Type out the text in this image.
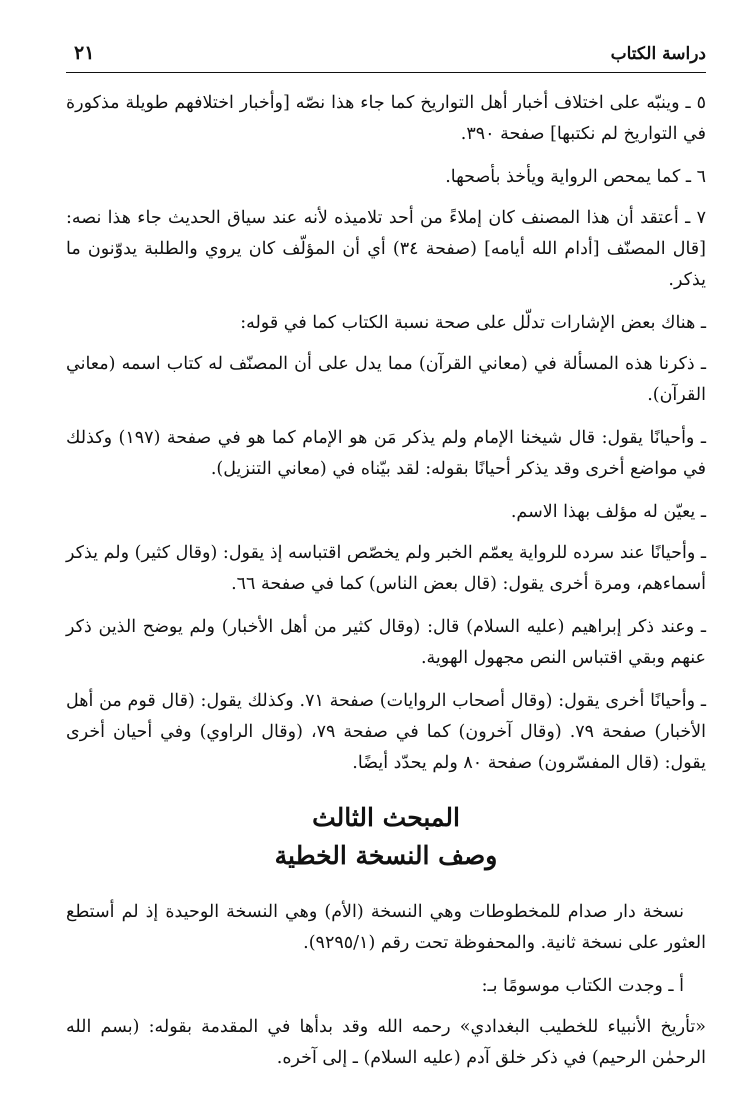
دراسة الكتاب
٢١

٥ ـ وينبّه على اختلاف أخبار أهل التواريخ كما جاء هذا نصّه [وأخبار اختلافهم طويلة مذكورة في التواريخ لم نكتبها] صفحة ٣٩٠.

٦ ـ كما يمحص الرواية ويأخذ بأصحها.

٧ ـ أعتقد أن هذا المصنف كان إملاءً من أحد تلاميذه لأنه عند سياق الحديث جاء هذا نصه: [قال المصنّف [أدام الله أيامه] (صفحة ٣٤) أي أن المؤلّف كان يروي والطلبة يدوّنون ما يذكر.

ـ هناك بعض الإشارات تدلّل على صحة نسبة الكتاب كما في قوله:

ـ ذكرنا هذه المسألة في (معاني القرآن) مما يدل على أن المصنّف له كتاب اسمه (معاني القرآن).

ـ وأحيانًا يقول: قال شيخنا الإمام ولم يذكر مَن هو الإمام كما هو في صفحة (١٩٧) وكذلك في مواضع أخرى وقد يذكر أحيانًا بقوله: لقد بيّناه في (معاني التنزيل).

ـ يعيّن له مؤلف بهذا الاسم.

ـ وأحيانًا عند سرده للرواية يعمّم الخبر ولم يخصّص اقتباسه إذ يقول: (وقال كثير) ولم يذكر أسماءهم، ومرة أخرى يقول: (قال بعض الناس) كما في صفحة ٦٦.

ـ وعند ذكر إبراهيم (عليه السلام) قال: (وقال كثير من أهل الأخبار) ولم يوضح الذين ذكر عنهم وبقي اقتباس النص مجهول الهوية.

ـ وأحيانًا أخرى يقول: (وقال أصحاب الروايات) صفحة ٧١. وكذلك يقول: (قال قوم من أهل الأخبار) صفحة ٧٩. (وقال آخرون) كما في صفحة ٧٩، (وقال الراوي) وفي أحيان أخرى يقول: (قال المفسّرون) صفحة ٨٠ ولم يحدّد أيضًا.

المبحث الثالث
وصف النسخة الخطية

نسخة دار صدام للمخطوطات وهي النسخة (الأم) وهي النسخة الوحيدة إذ لم أستطع العثور على نسخة ثانية. والمحفوظة تحت رقم (٩٢٩٥/١).

أ ـ وجدت الكتاب موسومًا بـ:

«تأريخ الأنبياء للخطيب البغدادي» رحمه الله وقد بدأها في المقدمة بقوله: (بسم الله الرحمٰن الرحيم) في ذكر خلق آدم (عليه السلام) ـ إلى آخره.
